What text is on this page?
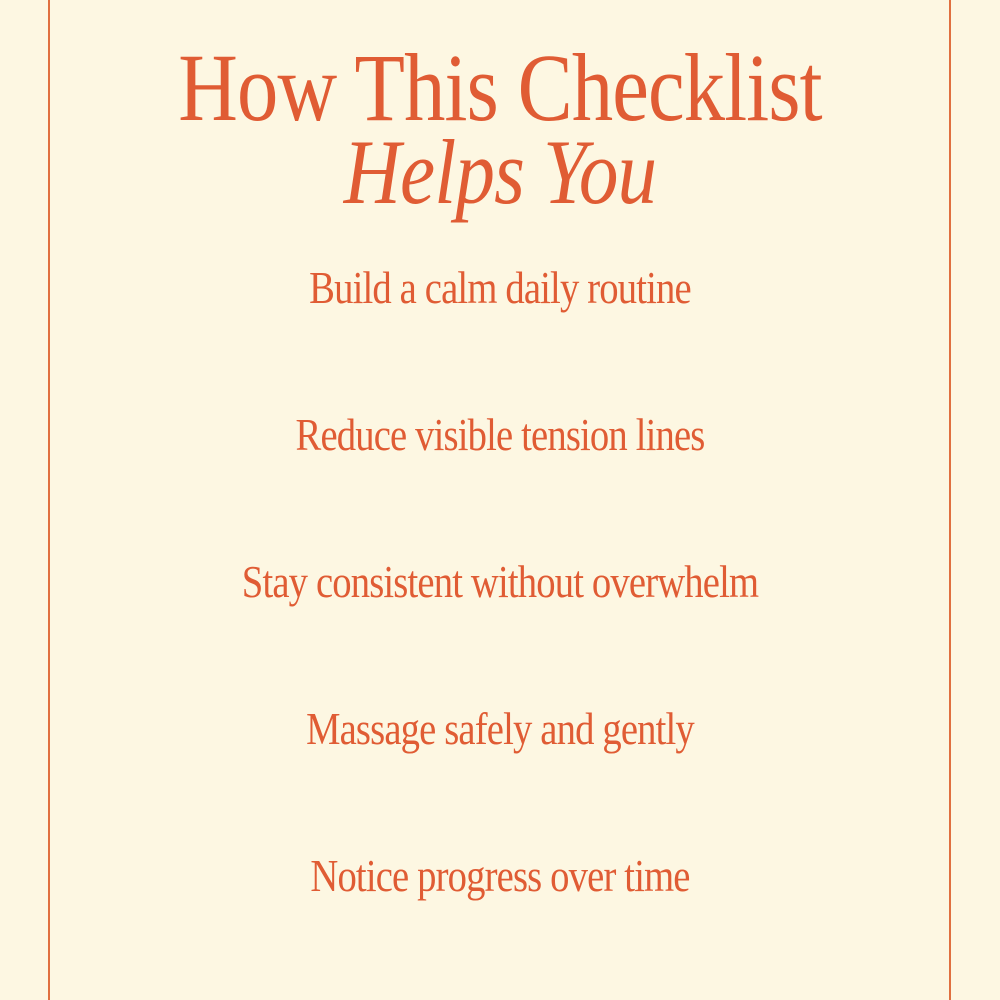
How This Checklist
Helps You
Build a calm daily routine
Reduce visible tension lines
Stay consistent without overwhelm
Massage safely and gently
Notice progress over time
